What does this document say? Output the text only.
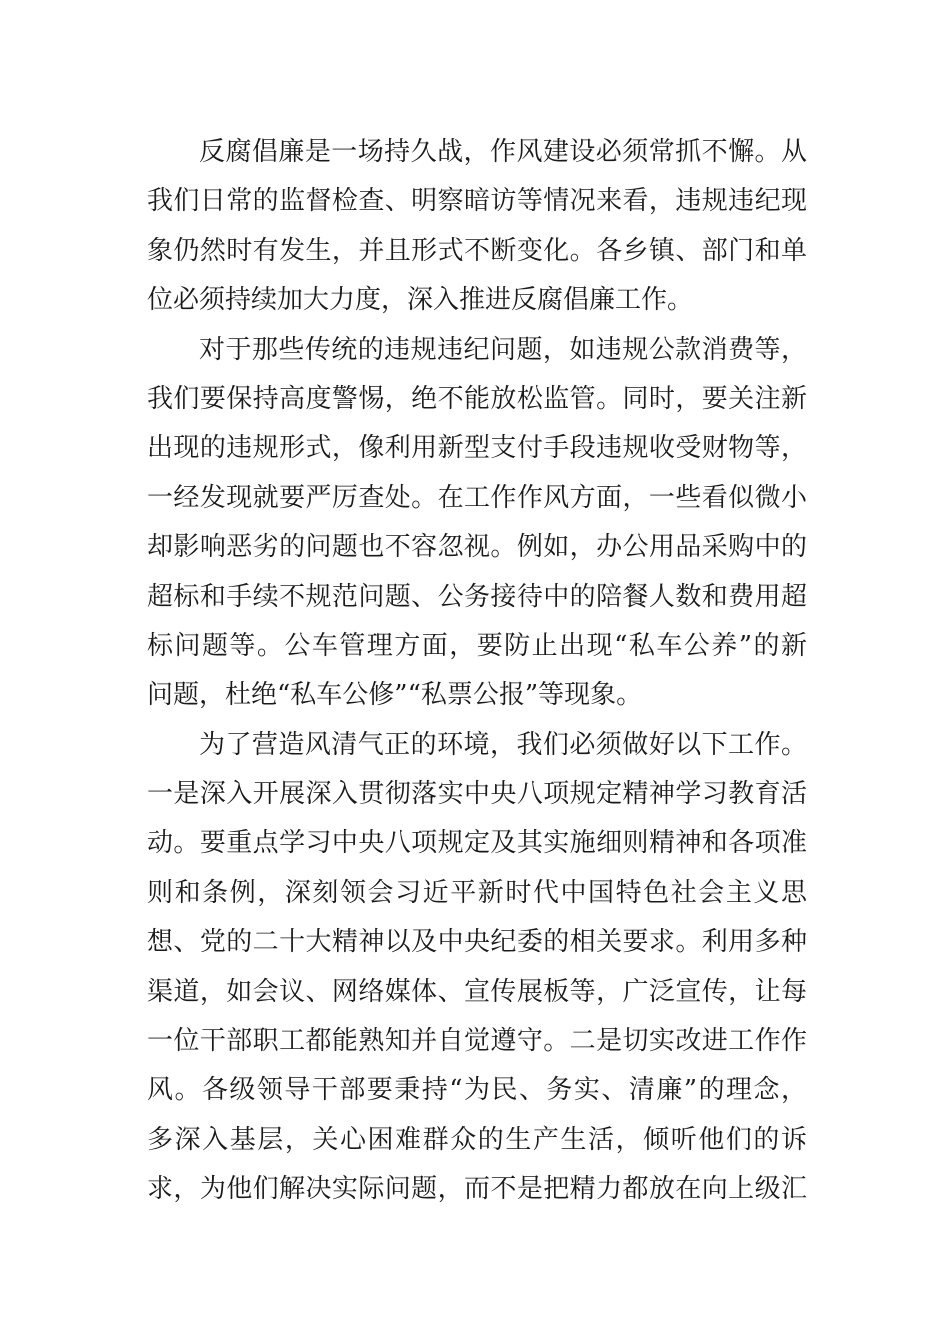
反腐倡廉是一场持久战，作风建设必须常抓不懈。从
我们日常的监督检查、明察暗访等情况来看，违规违纪现
象仍然时有发生，并且形式不断变化。各乡镇、部门和单
位必须持续加大力度，深入推进反腐倡廉工作。
对于那些传统的违规违纪问题，如违规公款消费等，
我们要保持高度警惕，绝不能放松监管。同时，要关注新
出现的违规形式，像利用新型支付手段违规收受财物等，
一经发现就要严厉查处。在工作作风方面，一些看似微小
却影响恶劣的问题也不容忽视。例如，办公用品采购中的
超标和手续不规范问题、公务接待中的陪餐人数和费用超
标问题等。公车管理方面，要防止出现“私车公养”的新
问题，杜绝“私车公修”“私票公报”等现象。
为了营造风清气正的环境，我们必须做好以下工作。
一是深入开展深入贯彻落实中央八项规定精神学习教育活
动。要重点学习中央八项规定及其实施细则精神和各项准
则和条例，深刻领会习近平新时代中国特色社会主义思
想、党的二十大精神以及中央纪委的相关要求。利用多种
渠道，如会议、网络媒体、宣传展板等，广泛宣传，让每
一位干部职工都能熟知并自觉遵守。二是切实改进工作作
风。各级领导干部要秉持“为民、务实、清廉”的理念，
多深入基层，关心困难群众的生产生活，倾听他们的诉
求，为他们解决实际问题，而不是把精力都放在向上级汇
